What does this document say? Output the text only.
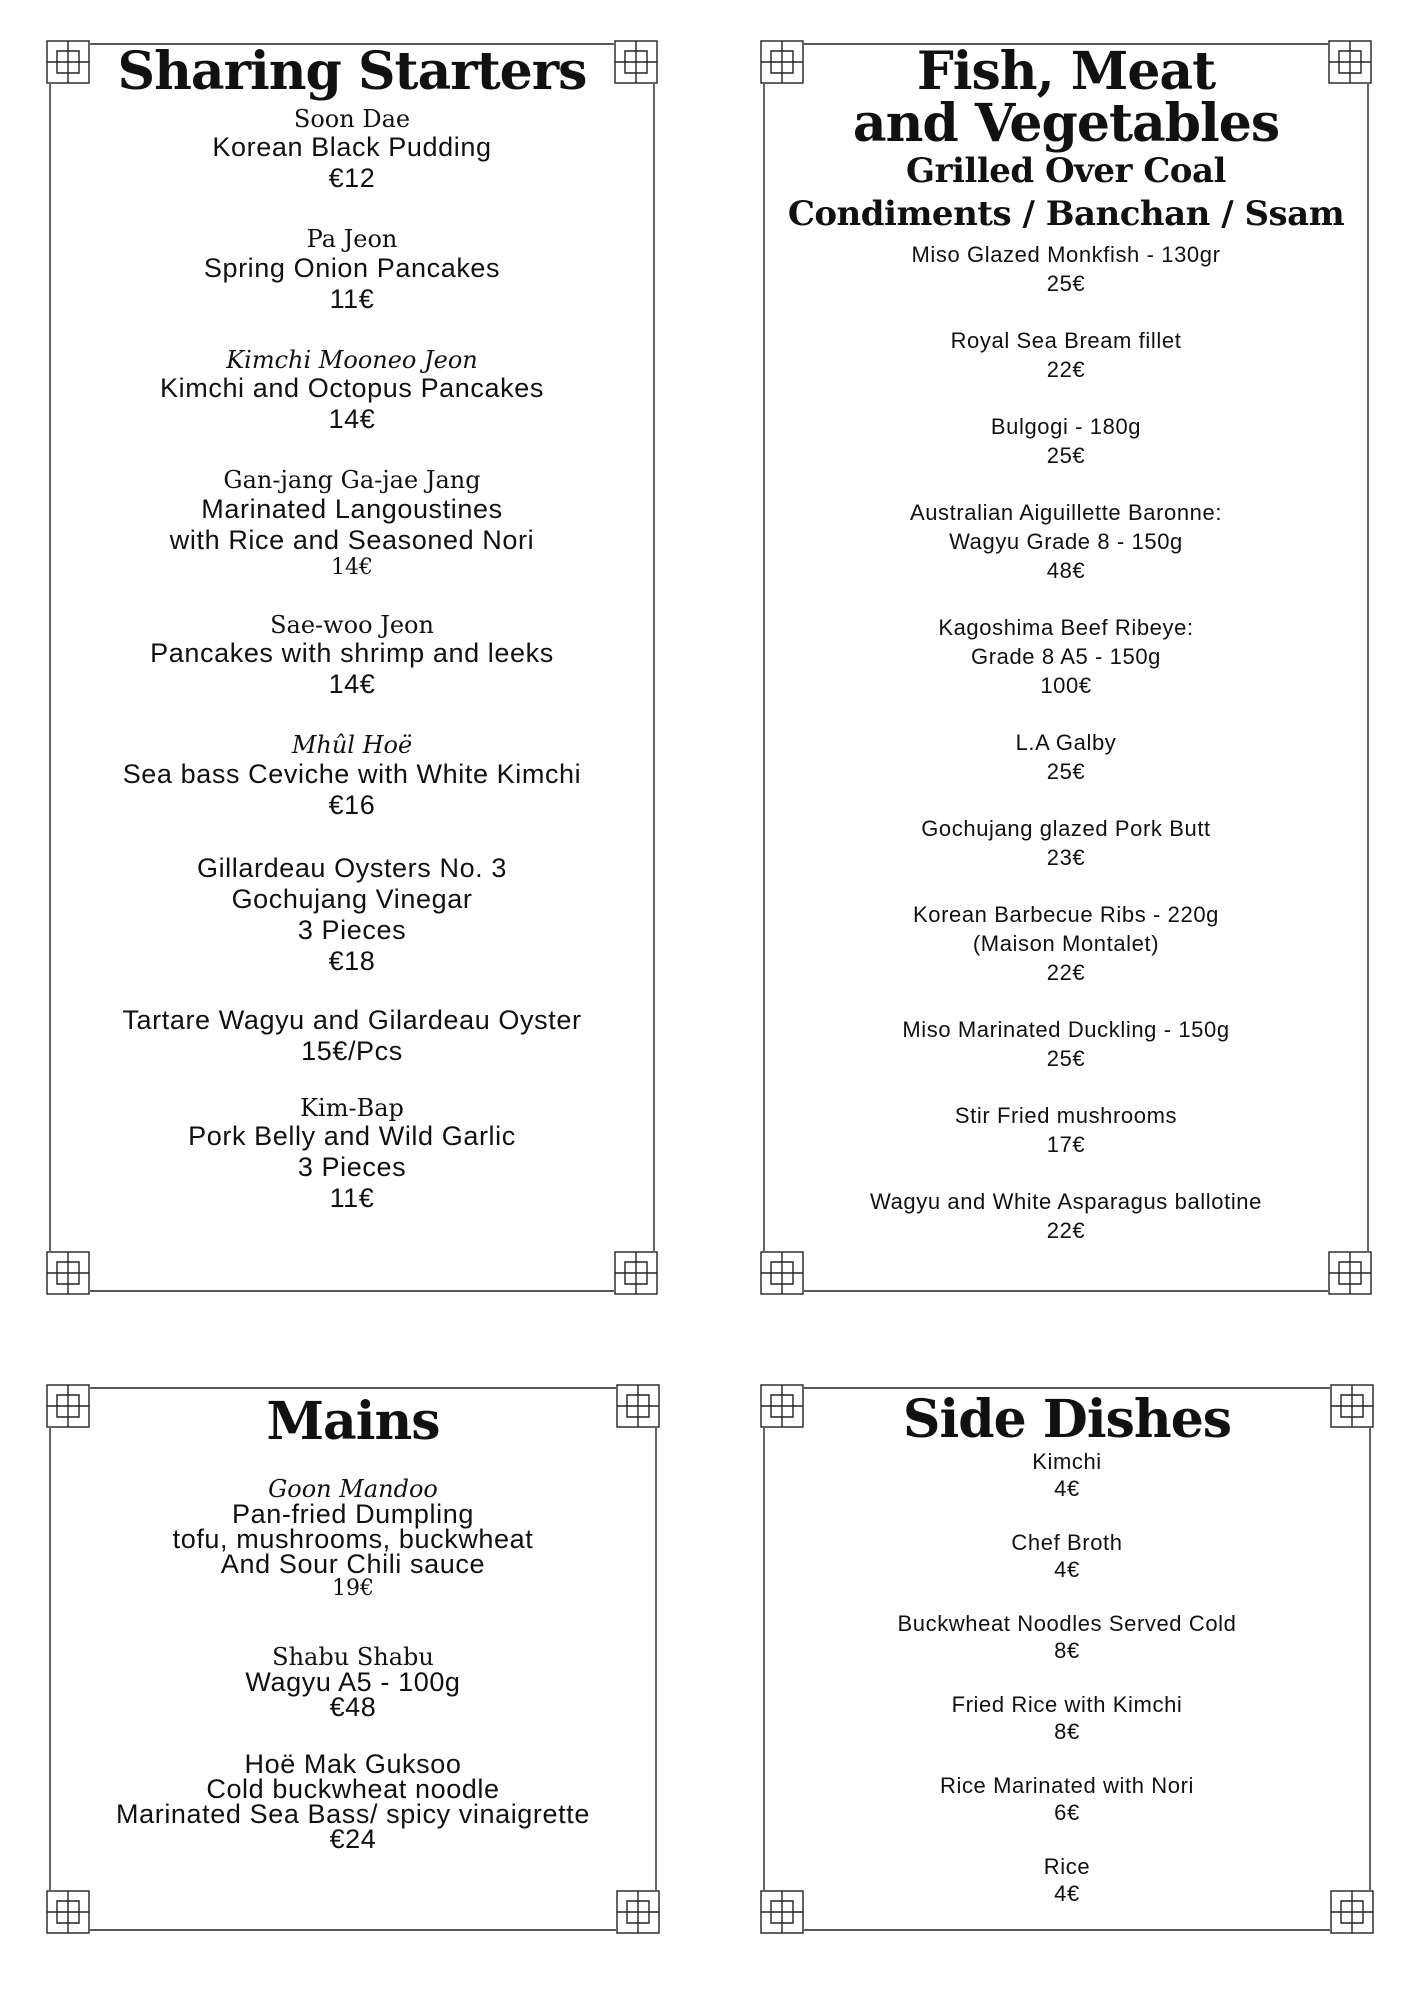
Sharing Starters
Soon Dae
Korean Black Pudding
€12
Pa Jeon
Spring Onion Pancakes
11€
Kimchi Mooneo Jeon
Kimchi and Octopus Pancakes
14€
Gan-jang Ga-jae Jang
Marinated Langoustines
with Rice and Seasoned Nori
14€
Sae-woo Jeon
Pancakes with shrimp and leeks
14€
Mhûl Hoë
Sea bass Ceviche with White Kimchi
€16
Gillardeau Oysters No. 3
Gochujang Vinegar
3 Pieces
€18
Tartare Wagyu and Gilardeau Oyster
15€/Pcs
Kim-Bap
Pork Belly and Wild Garlic
3 Pieces
11€
Fish, Meat
and Vegetables
Grilled Over Coal
Condiments / Banchan / Ssam
Miso Glazed Monkfish - 130gr
25€
Royal Sea Bream fillet
22€
Bulgogi - 180g
25€
Australian Aiguillette Baronne:
Wagyu Grade 8 - 150g
48€
Kagoshima Beef Ribeye:
Grade 8 A5 - 150g
100€
L.A Galby
25€
Gochujang glazed Pork Butt
23€
Korean Barbecue Ribs - 220g
(Maison Montalet)
22€
Miso Marinated Duckling - 150g
25€
Stir Fried mushrooms
17€
Wagyu and White Asparagus ballotine
22€
Mains
Goon Mandoo
Pan-fried Dumpling
tofu, mushrooms, buckwheat
And Sour Chili sauce
19€
Shabu Shabu
Wagyu A5 - 100g
€48
Hoë Mak Guksoo
Cold buckwheat noodle
Marinated Sea Bass/ spicy vinaigrette
€24
Side Dishes
Kimchi
4€
Chef Broth
4€
Buckwheat Noodles Served Cold
8€
Fried Rice with Kimchi
8€
Rice Marinated with Nori
6€
Rice
4€
